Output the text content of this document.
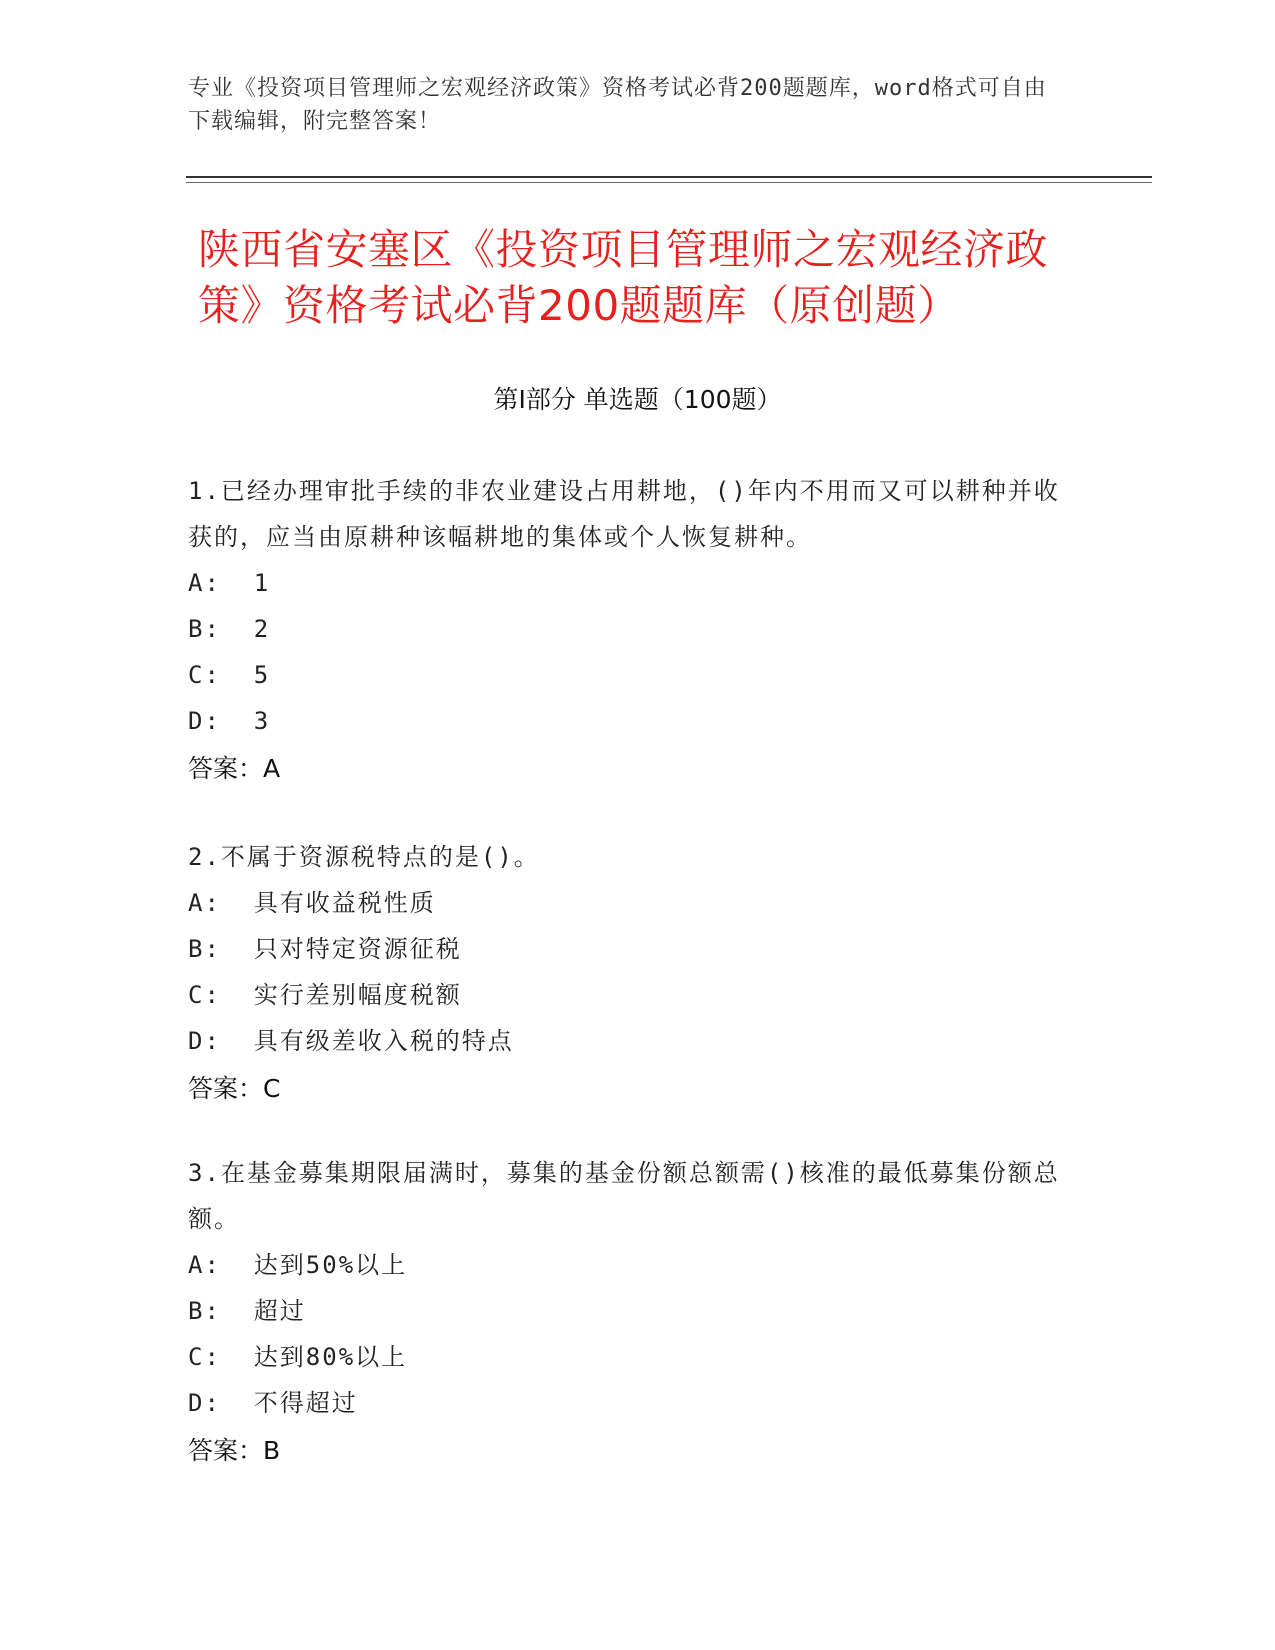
专业《投资项目管理师之宏观经济政策》资格考试必背200题题库，word格式可自由下载编辑，附完整答案！
陕西省安塞区《投资项目管理师之宏观经济政策》资格考试必背200题题库（原创题）
第I部分 单选题（100题）
1.已经办理审批手续的非农业建设占用耕地，()年内不用而又可以耕种并收获的，应当由原耕种该幅耕地的集体或个人恢复耕种。
A:  1
B:  2
C:  5
D:  3
答案：A
2.不属于资源税特点的是()。
A:  具有收益税性质
B:  只对特定资源征税
C:  实行差别幅度税额
D:  具有级差收入税的特点
答案：C
3.在基金募集期限届满时，募集的基金份额总额需()核准的最低募集份额总额。
A:  达到50%以上
B:  超过
C:  达到80%以上
D:  不得超过
答案：B
